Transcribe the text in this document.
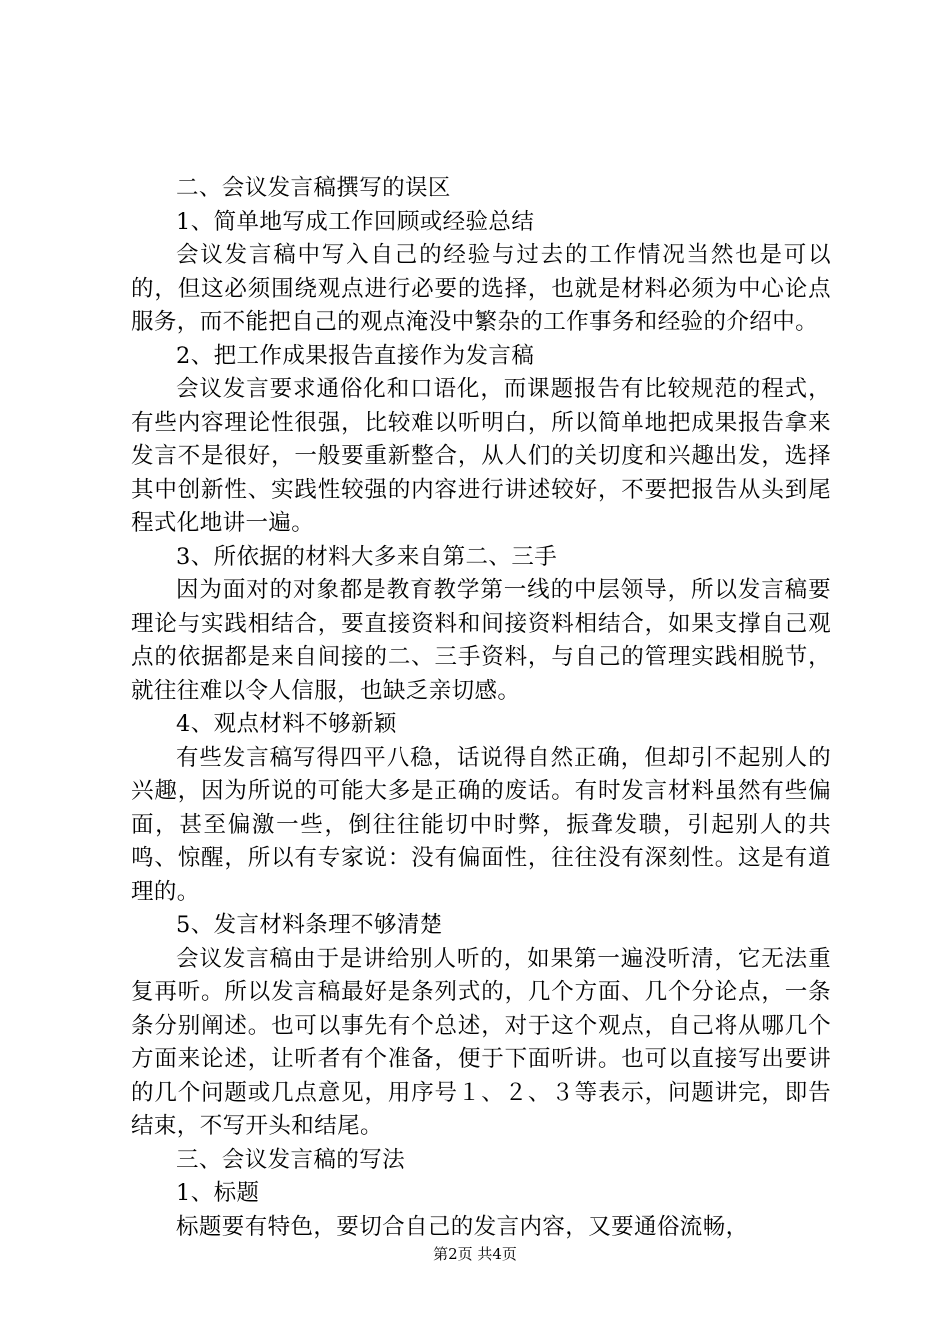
二、会议发言稿撰写的误区

1、简单地写成工作回顾或经验总结

会议发言稿中写入自己的经验与过去的工作情况当然也是可以的，但这必须围绕观点进行必要的选择，也就是材料必须为中心论点服务，而不能把自己的观点淹没中繁杂的工作事务和经验的介绍中。

2、把工作成果报告直接作为发言稿

会议发言要求通俗化和口语化，而课题报告有比较规范的程式，有些内容理论性很强，比较难以听明白，所以简单地把成果报告拿来发言不是很好，一般要重新整合，从人们的关切度和兴趣出发，选择其中创新性、实践性较强的内容进行讲述较好，不要把报告从头到尾程式化地讲一遍。

3、所依据的材料大多来自第二、三手

因为面对的对象都是教育教学第一线的中层领导，所以发言稿要理论与实践相结合，要直接资料和间接资料相结合，如果支撑自己观点的依据都是来自间接的二、三手资料，与自己的管理实践相脱节，就往往难以令人信服，也缺乏亲切感。

4、观点材料不够新颖

有些发言稿写得四平八稳，话说得自然正确，但却引不起别人的兴趣，因为所说的可能大多是正确的废话。有时发言材料虽然有些偏面，甚至偏激一些，倒往往能切中时弊，振聋发聩，引起别人的共鸣、惊醒，所以有专家说：没有偏面性，往往没有深刻性。这是有道理的。

5、发言材料条理不够清楚

会议发言稿由于是讲给别人听的，如果第一遍没听清，它无法重复再听。所以发言稿最好是条列式的，几个方面、几个分论点，一条条分别阐述。也可以事先有个总述，对于这个观点，自己将从哪几个方面来论述，让听者有个准备，便于下面听讲。也可以直接写出要讲的几个问题或几点意见，用序号１、２、３等表示，问题讲完，即告结束，不写开头和结尾。

三、会议发言稿的写法

1、标题

标题要有特色，要切合自己的发言内容，又要通俗流畅，

第2页 共4页
